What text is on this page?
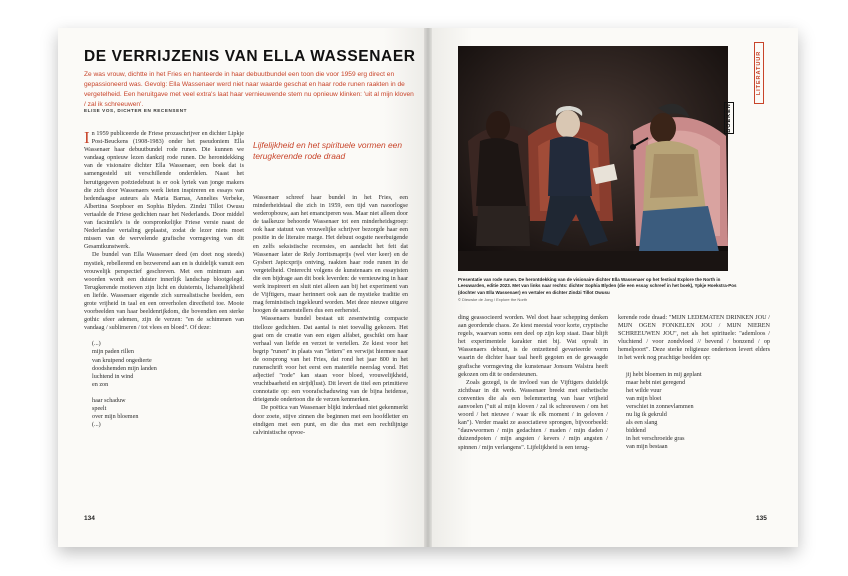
DE VERRIJZENIS VAN ELLA WASSENAER

Ze was vrouw, dichtte in het Fries en hanteerde in haar debuutbundel een toon die voor 1959 erg direct en gepassioneerd was. Gevolg: Ella Wassenaer werd niet naar waarde geschat en haar rode runen raakten in de vergetelheid. Een heruitgave met veel extra's laat haar vernieuwende stem nu opnieuw klinken: 'uit al mijn kloven / zal ik schreeuwen'.

ELISE VOS, DICHTER EN RECENSENT

In 1959 publiceerde de Friese prozaschrijver en dichter Lipkje Post-Beuckens (1908-1983) onder het pseudoniem Ella Wassenaer haar debuutbundel rode runen. Die kunnen we vandaag opnieuw lezen dankzij rode runen. De herontdekking van de visionaire dichter Ella Wassenaer, een boek dat is samengesteld uit verschillende onderdelen. Naast het heruitgegeven poëziedebuut is er ook lyriek van jonge makers die zich door Wassenaers werk lieten inspireren en essays van hedendaagse auteurs als Maria Barnas, Annelies Verbeke, Albertina Soepboer en Sophia Blyden. Zindzi Tillot Owusu vertaalde de Friese gedichten naar het Nederlands. Door middel van facsimile's is de oorspronkelijke Friese versie naast de Nederlandse vertaling geplaatst, zodat de lezer niets moet missen van de wervelende grafische vormgeving van dit Gesamtkunstwerk.

De bundel van Ella Wassenaer deed (en doet nog steeds) mystiek, rebellerend en bezwerend aan en is duidelijk vanuit een vrouwelijk perspectief geschreven. Met een minimum aan woorden wordt een duister innerlijk landschap blootgelegd. Terugkerende motieven zijn licht en duisternis, lichamelijkheid en liefde. Wassenaer eigende zich surrealistische beelden, een grote vrijheid in taal en een onverholen directheid toe. Mooie voorbeelden van haar beeldenrijkdom, die bovendien een sterke gothic sfeer ademen, zijn de verzen: "en de schimmen van vandaag / sublimeren / tot vlees en bloed". Of deze:

(...)
mijn paden rillen
van kruipend ongedierte
doodshemden mijn landen
luchtend in wind
en zon
haar schaduw
speelt
over mijn bloemen
(...)

Lijfelijkheid en het spirituele vormen een terugkerende rode draad

Wassenaer schreef haar bundel in het Fries, een minderheidstaal die zich in 1959, een tijd van naoorlogse wederopbouw, aan het emanciperen was. Maar niet alleen door de taalkeuze behoorde Wassenaer tot een minderheidsgroep: ook haar statuut van vrouwelijke schrijver bezorgde haar een positie in de literaire marge. Het debuut oogstte neerbuigende en zelfs seksistische recensies, en aandacht het feit dat Wassenaer later de Rely Jorritsmaprijs (wel vier keer) en de Gysbert Japicxprijs ontving, raakten haar rode runen in de vergetelheid. Onterecht volgens de kunstenaars en essayisten die een bijdrage aan dit boek leverden: de vernieuwing in haar werk inspireert en sluit niet alleen aan bij het experiment van de Vijftigers, maar herinnert ook aan de mystieke traditie en mag feministisch ingekleurd worden. Met deze nieuwe uitgave hoogen de samenstellers dus een eerherstel.

Wassenaers bundel bestaat uit zesentwintig compacte titelloze gedichten. Dat aantal is niet toevallig gekozen. Het gaat om de creatie van een eigen alfabet, geschikt om haar verhaal van liefde en verzet te vertellen. Ze kiest voor het begrip "runen" in plaats van "letters" en verwijst hiermee naar de oorsprong van het Fries, dat rond het jaar 800 in het runenschrift voor het eerst een materiële neerslag vond. Het adjectief "rode" kan staan voor bloed, vrouwelijkheid, vruchtbaarheid en strijd(lust). Dit levert de titel een primitieve connotatie op: een voorafschaduwing van de bijna heidense, drieigende ondertoon die de verzen kenmerken.

De poëtica van Wassenaer blijkt inderdaad niet gekenmerkt door zoete, stijve zinnen die beginnen met een hoofdletter en eindigen met een punt, en die dus met een rechtlijnige calvinistische opvoe-

134
Presentatie van rode runen. De herontdekking van de visionaire dichter Ella Wassenaer op het festival Explore the North in Leeuwarden, editie 2023. Met van links naar rechts: dichter Sophia Blyden (die een essay schreef in het boek), Ypkje Hoekstra-Pos (dochter van Ella Wassenaer) en vertaler en dichter Zindzi Tillot Owusu
© Dieuwke de Jong / Explore the North
LITERATUUR
BOEKEN

ding geassocieerd worden. Wel doet haar schepping denken aan geordende chaos. Ze kiest meestal voor korte, cryptische regels, waarvan soms een deel op zijn kop staat. Daar blijft het experimentele karakter niet bij. Wat opvalt in Wassenaers debuut, is de ontzettend gevarieerde vorm waarin de dichter haar taal heeft gegoten en de gewaagde grafische vormgeving die kunstenaar Jonsum Walstra heeft gekozen om dit te ondersteunen.

Zoals gezegd, is de invloed van de Vijftigers duidelijk zichtbaar in dit werk. Wassenaer breekt met esthetische conventies die als een belemmering van haar vrijheid aanvoelen ("uit al mijn kloven / zal ik schreeuwen / om het woord / het nieuwe / waar ik elk moment / in geloven / kan"). Verder maakt ze associatieve sprongen, bijvoorbeeld: "dauwwormen / mijn gedachten / maden / mijn daden / duizendpoten / mijn angsten / kevers / mijn angsten / spinnen / mijn verlangens". Lijfelijkheid is een terug-

kerende rode draad: "MIJN LEDEMATEN DRINKEN JOU / MIJN OGEN FONKELEN JOU / MIJN NIEREN SCHREEUWEN JOU", net als het spirituele: "ademloos / vluchtend / voor zondvloed // bevend / bonzend / op hemelpoort". Deze sterke religieuze ondertoon levert elders in het werk nog prachtige beelden op:

jij hebt bloemen in mij geplant
maar hebt niet geregend
het wilde vuur
van mijn bloei
verschiet in zonnevlammen
nu lig ik gekruld
als een slang
biddend
in het verschroeide gras
van mijn bestaan

135
